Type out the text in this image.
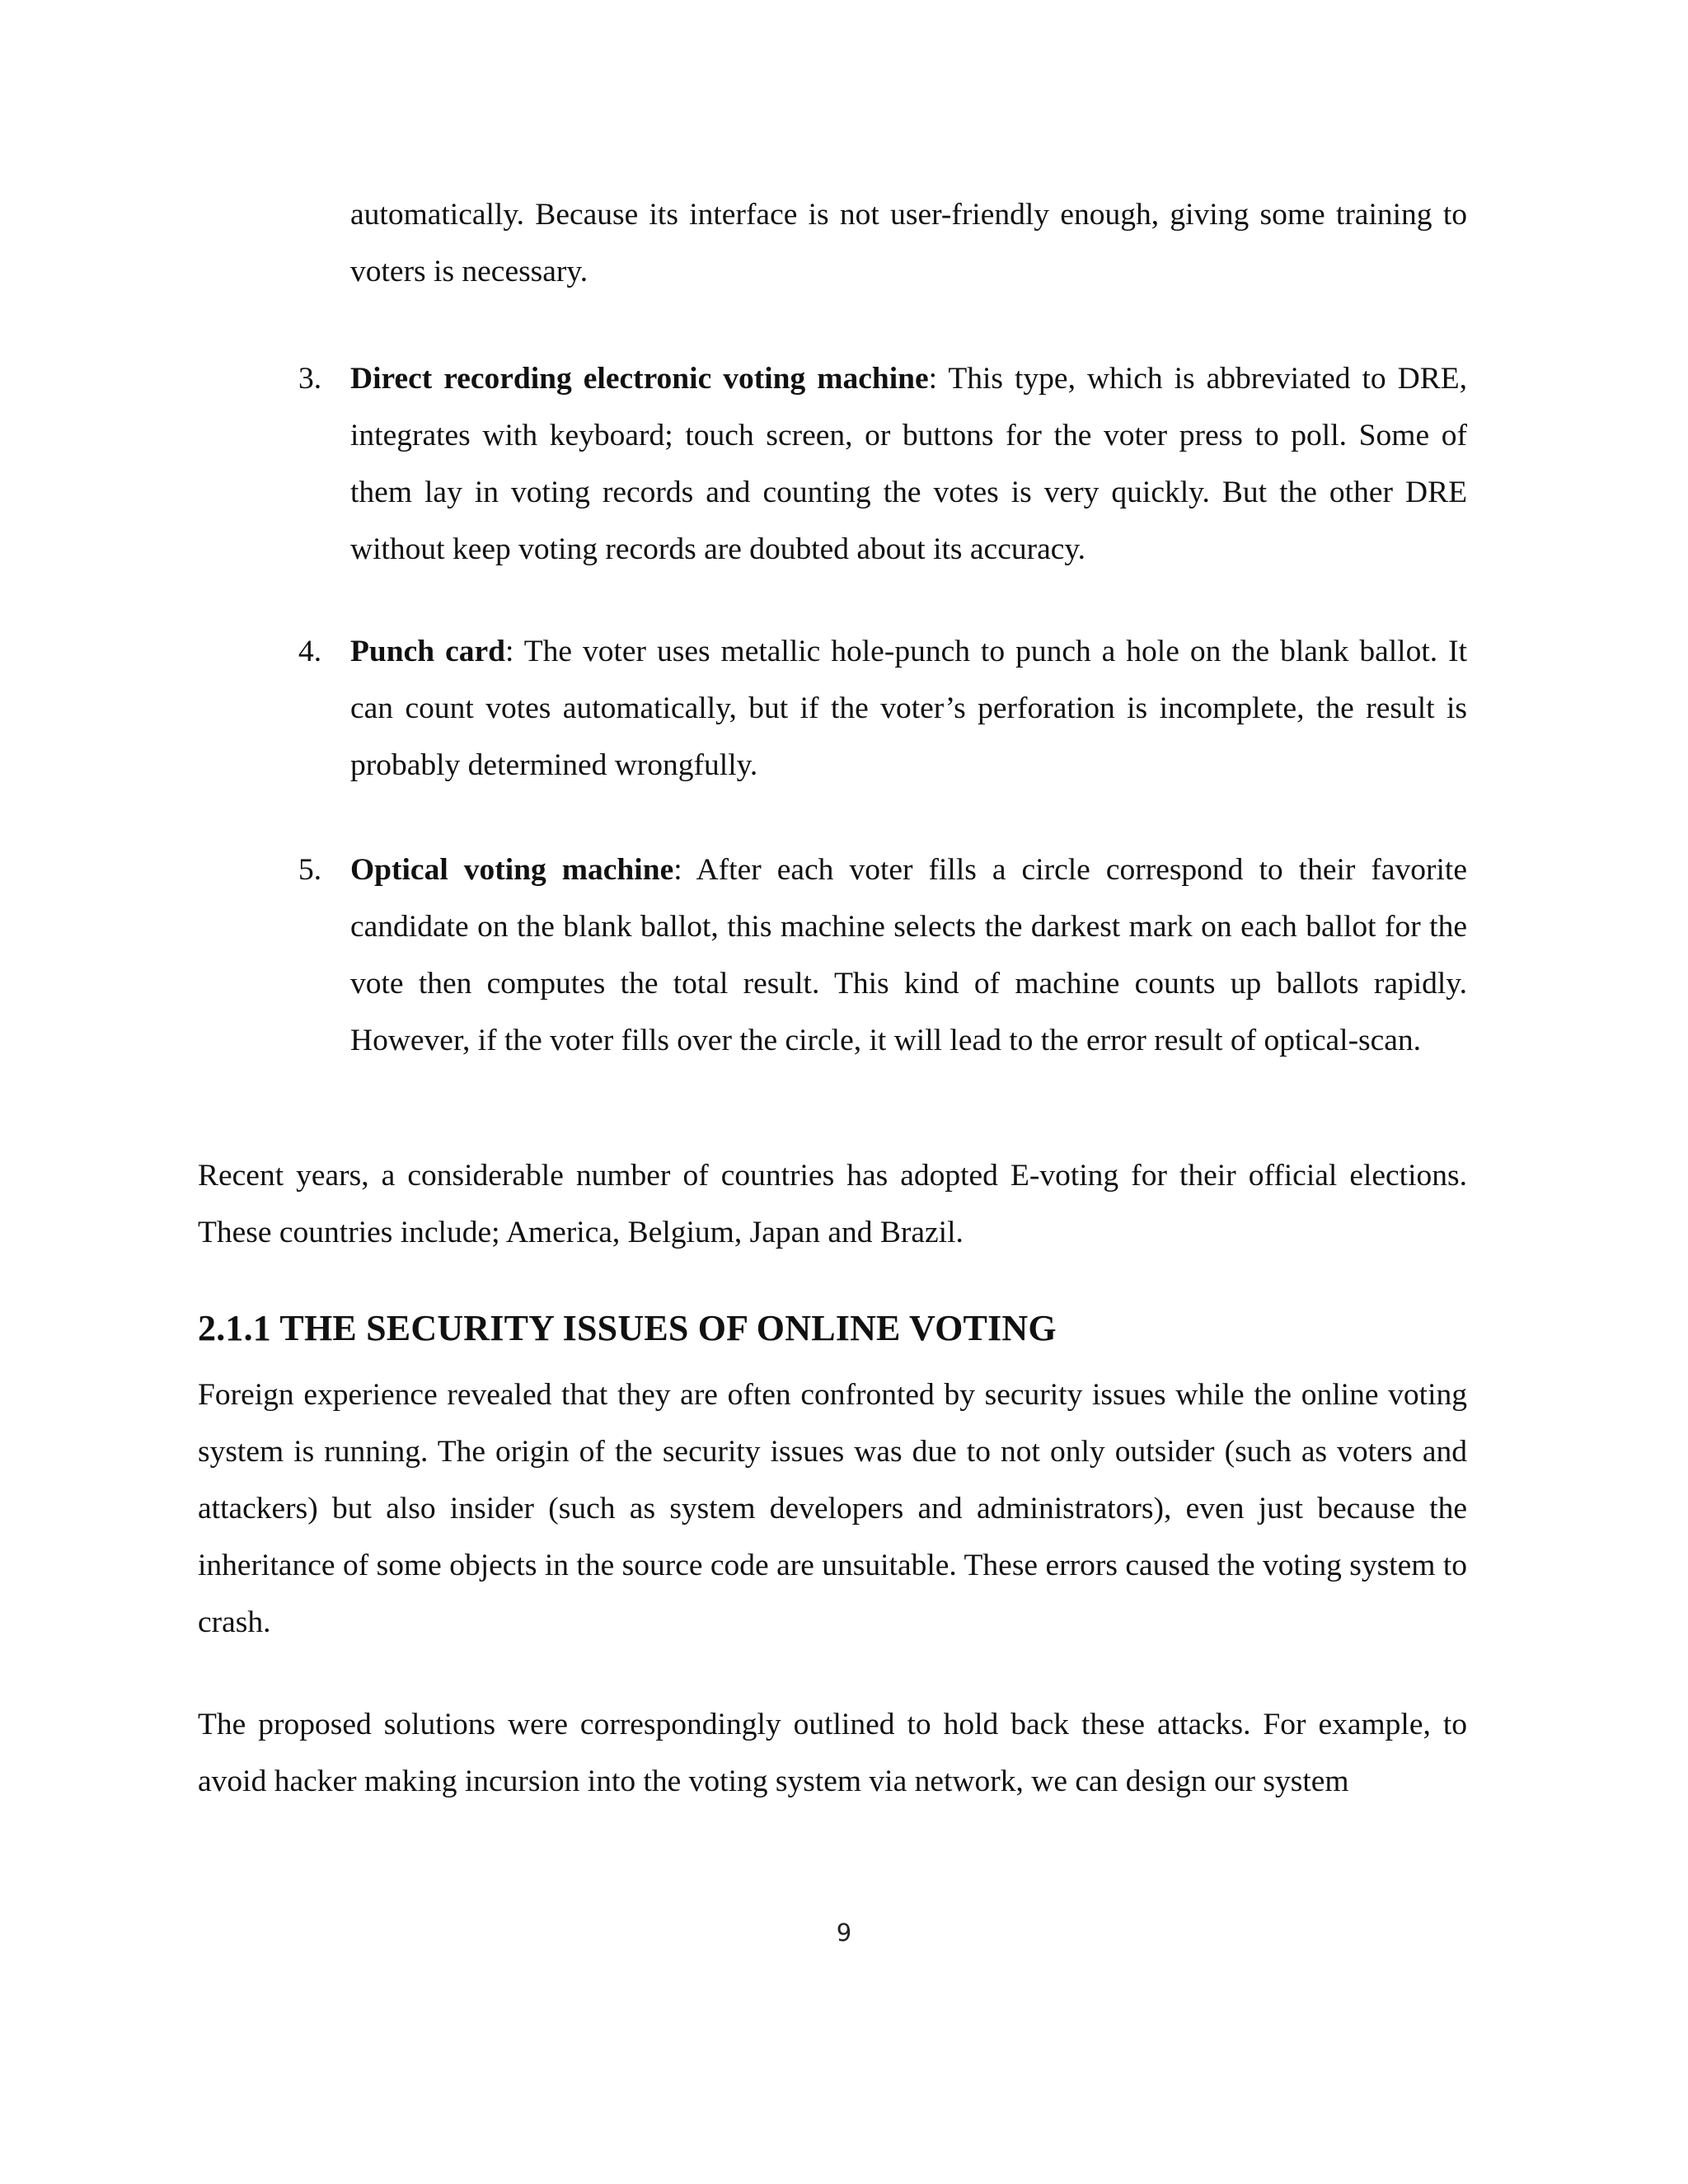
automatically. Because its interface is not user-friendly enough, giving some training to voters is necessary.

3. Direct recording electronic voting machine: This type, which is abbreviated to DRE, integrates with keyboard; touch screen, or buttons for the voter press to poll. Some of them lay in voting records and counting the votes is very quickly. But the other DRE without keep voting records are doubted about its accuracy.

4. Punch card: The voter uses metallic hole-punch to punch a hole on the blank ballot. It can count votes automatically, but if the voter’s perforation is incomplete, the result is probably determined wrongfully.

5. Optical voting machine: After each voter fills a circle correspond to their favorite candidate on the blank ballot, this machine selects the darkest mark on each ballot for the vote then computes the total result. This kind of machine counts up ballots rapidly. However, if the voter fills over the circle, it will lead to the error result of optical-scan.

Recent years, a considerable number of countries has adopted E-voting for their official elections. These countries include; America, Belgium, Japan and Brazil.

2.1.1 THE SECURITY ISSUES OF ONLINE VOTING

Foreign experience revealed that they are often confronted by security issues while the online voting system is running. The origin of the security issues was due to not only outsider (such as voters and attackers) but also insider (such as system developers and administrators), even just because the inheritance of some objects in the source code are unsuitable. These errors caused the voting system to crash.

The proposed solutions were correspondingly outlined to hold back these attacks. For example, to avoid hacker making incursion into the voting system via network, we can design our system

9
